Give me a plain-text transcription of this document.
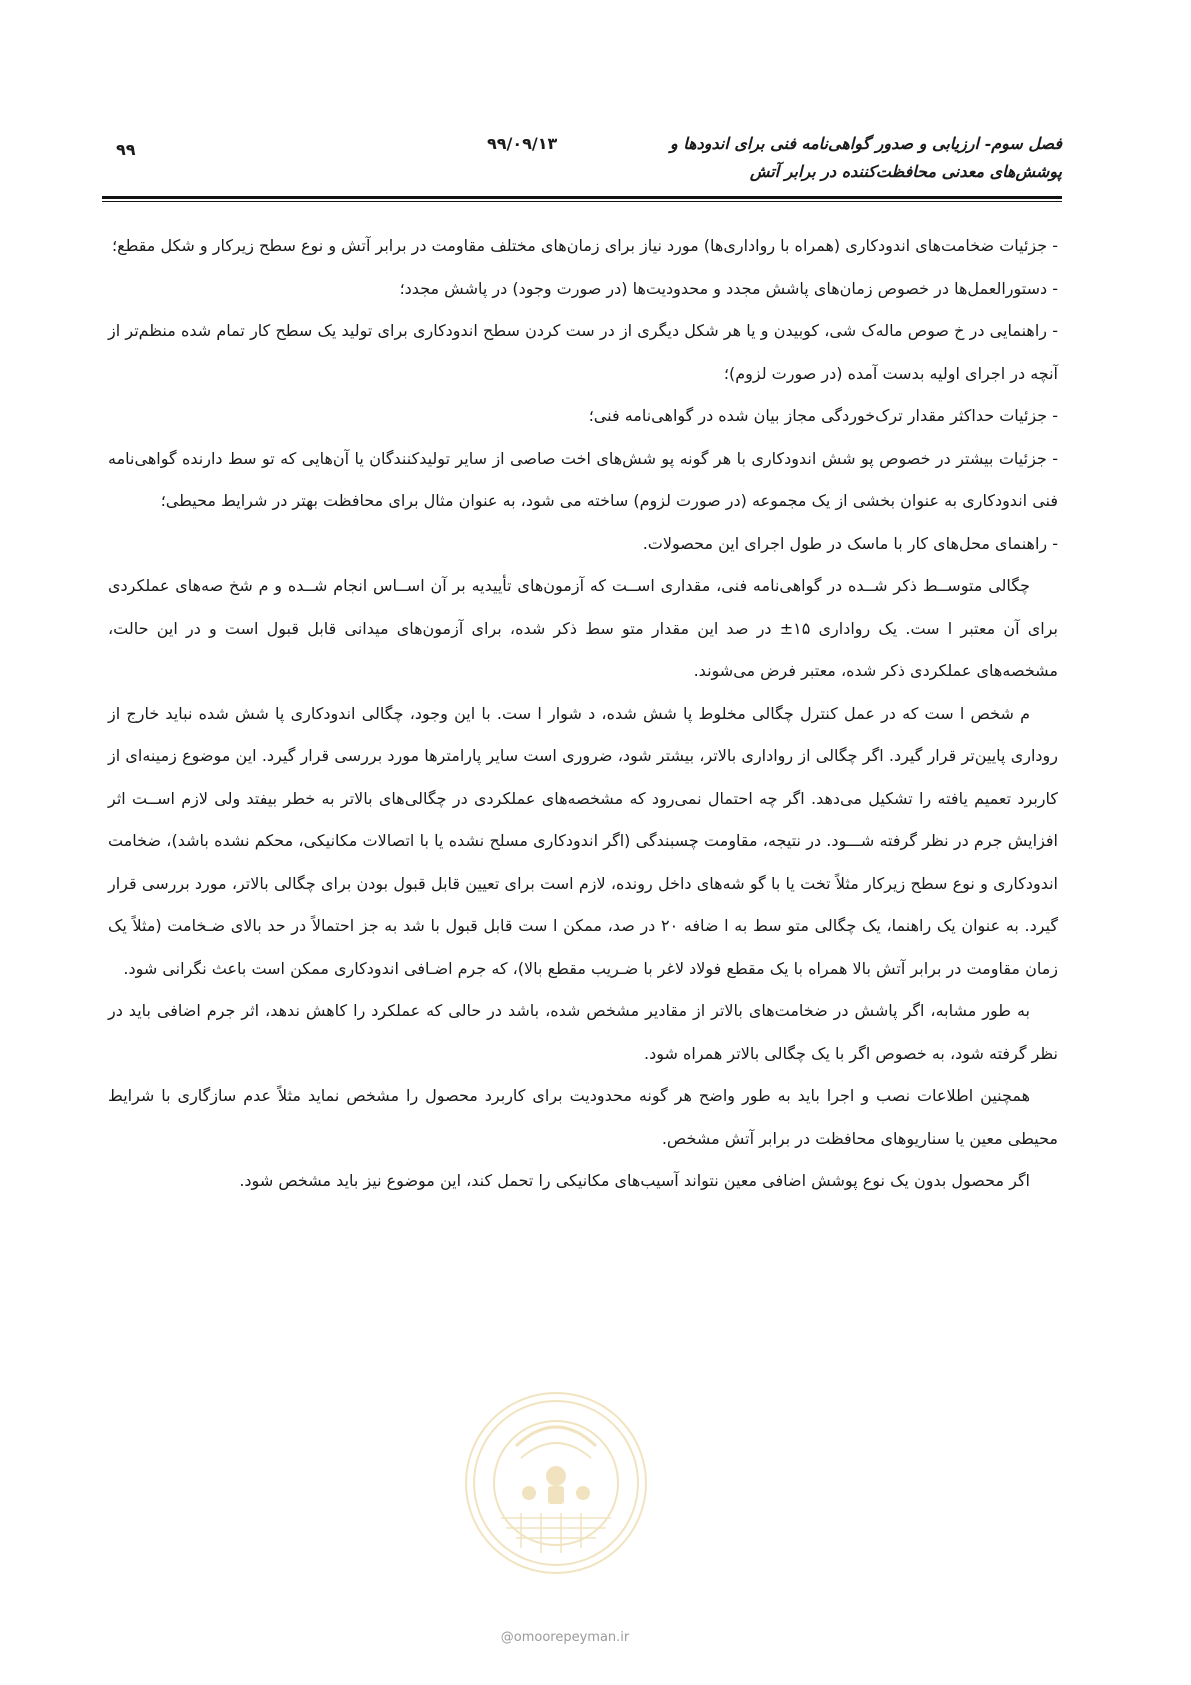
فصل سوم- ارزیابی و صدور گواهی‌نامه فنی برای اندودها و
پوشش‌های معدنی محافظت‌کننده در برابر آتش
۹۹/۰۹/۱۳
۹۹

- جزئیات ضخامت‌های اندودکاری (همراه با رواداری‌ها) مورد نیاز برای زمان‌های مختلف مقاومت در برابر آتش و نوع سطح زیرکار و شکل مقطع؛

- دستورالعمل‌ها در خصوص زمان‌های پاشش مجدد و محدودیت‌ها (در صورت وجود) در پاشش مجدد؛

- راهنمایی در خ صوص ماله‌ک شی، کوبیدن و یا هر شکل دیگری از در ست کردن سطح اندودکاری برای تولید یک سطح کار تمام شده منظم‌تر از آنچه در اجرای اولیه بدست آمده (در صورت لزوم)؛

- جزئیات حداکثر مقدار ترک‌خوردگی مجاز بیان شده در گواهی‌نامه فنی؛

- جزئیات بیشتر در خصوص پو شش اندودکاری با هر گونه پو شش‌های اخت صاصی از سایر تولیدکنندگان یا آن‌هایی که تو سط دارنده گواهی‌نامه فنی اندودکاری به عنوان بخشی از یک مجموعه (در صورت لزوم) ساخته می شود، به عنوان مثال برای محافظت بهتر در شرایط محیطی؛

- راهنمای محل‌های کار با ماسک در طول اجرای این محصولات.

چگالی متوســط ذکر شــده در گواهی‌نامه فنی، مقداری اســت که آزمون‌های تأییدیه بر آن اســاس انجام شــده و م شخ صه‌های عملکردی برای آن معتبر ا ست. یک رواداری ۱۵± در صد این مقدار متو سط ذکر شده، برای آزمون‌های میدانی قابل قبول است و در این حالت، مشخصه‌های عملکردی ذکر شده، معتبر فرض می‌شوند.

م شخص ا ست که در عمل کنترل چگالی مخلوط پا شش شده، د شوار ا ست. با این وجود، چگالی اندودکاری پا شش شده نباید خارج از روداری پایین‌تر قرار گیرد. اگر چگالی از رواداری بالاتر، بیشتر شود، ضروری است سایر پارامترها مورد بررسی قرار گیرد. این موضوع زمینه‌ای از کاربرد تعمیم یافته را تشکیل می‌دهد. اگر چه احتمال نمی‌رود که مشخصه‌های عملکردی در چگالی‌های بالاتر به خطر بیفتد ولی لازم اســت اثر افزایش جرم در نظر گرفته شـــود. در نتیجه، مقاومت چسبندگی (اگر اندودکاری مسلح نشده یا با اتصالات مکانیکی، محکم نشده باشد)، ضخامت اندودکاری و نوع سطح زیرکار مثلاً تخت یا با گو شه‌های داخل رونده، لازم است برای تعیین قابل قبول بودن برای چگالی بالاتر، مورد بررسی قرار گیرد. به عنوان یک راهنما، یک چگالی متو سط به ا ضافه ۲۰ در صد، ممکن ا ست قابل قبول با شد به جز احتمالاً در حد بالای ضـخامت (مثلاً یک زمان مقاومت در برابر آتش بالا همراه با یک مقطع فولاد لاغر با ضـریب مقطع بالا)، که جرم اضـافی اندودکاری ممکن است باعث نگرانی شود.

به طور مشابه، اگر پاشش در ضخامت‌های بالاتر از مقادیر مشخص شده، باشد در حالی که عملکرد را کاهش ندهد، اثر جرم اضافی باید در نظر گرفته شود، به خصوص اگر با یک چگالی بالاتر همراه شود.

همچنین اطلاعات نصب و اجرا باید به طور واضح هر گونه محدودیت برای کاربرد محصول را مشخص نماید مثلاً عدم سازگاری با شرایط محیطی معین یا سناریوهای محافظت در برابر آتش مشخص.

اگر محصول بدون یک نوع پوشش اضافی معین نتواند آسیب‌های مکانیکی را تحمل کند، این موضوع نیز باید مشخص شود.

@omoorepeyman.ir
